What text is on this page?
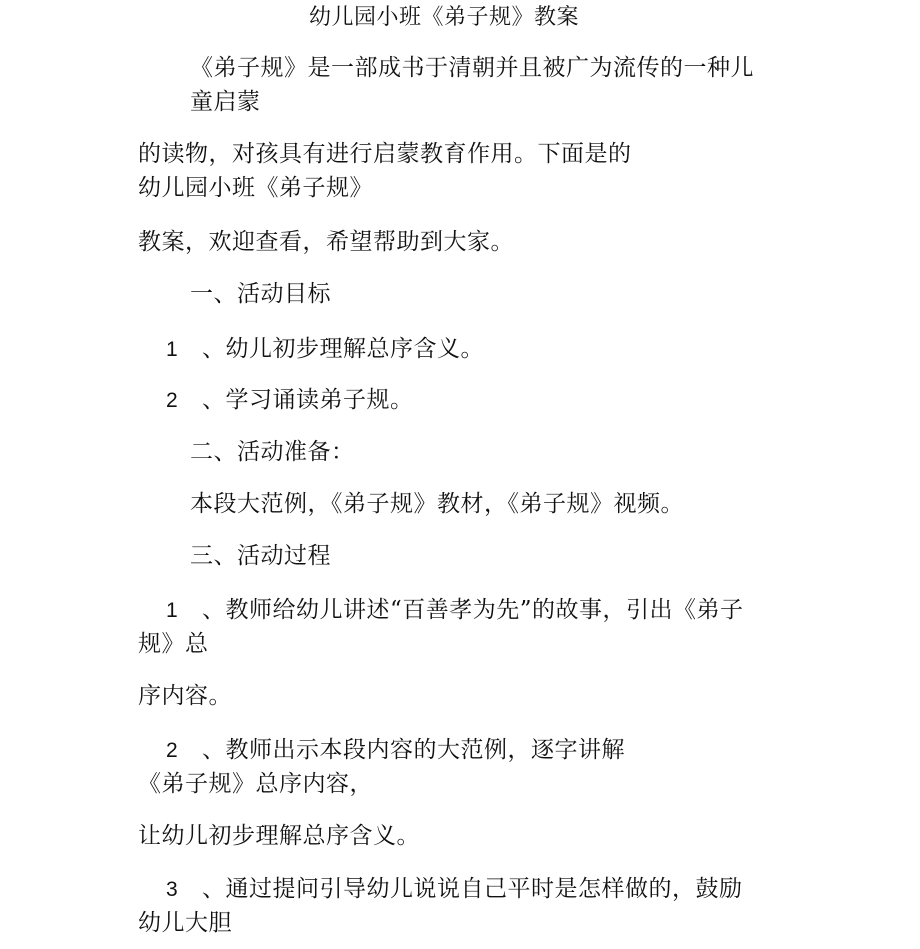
幼儿园小班《弟子规》教案
《弟子规》是一部成书于清朝并且被广为流传的一种儿
童启蒙
的读物，对孩具有进行启蒙教育作用。下面是的
幼儿园小班《弟子规》
教案，欢迎查看，希望帮助到大家。
一、活动目标
1 、幼儿初步理解总序含义。
2 、学习诵读弟子规。
二、活动准备：
本段大范例，《弟子规》教材，《弟子规》视频。
三、活动过程
1 、教师给幼儿讲述“百善孝为先”的故事，引出《弟子
规》总
序内容。
2 、教师出示本段内容的大范例，逐字讲解
《弟子规》总序内容，
让幼儿初步理解总序含义。
3 、通过提问引导幼儿说说自己平时是怎样做的，鼓励
幼儿大胆
